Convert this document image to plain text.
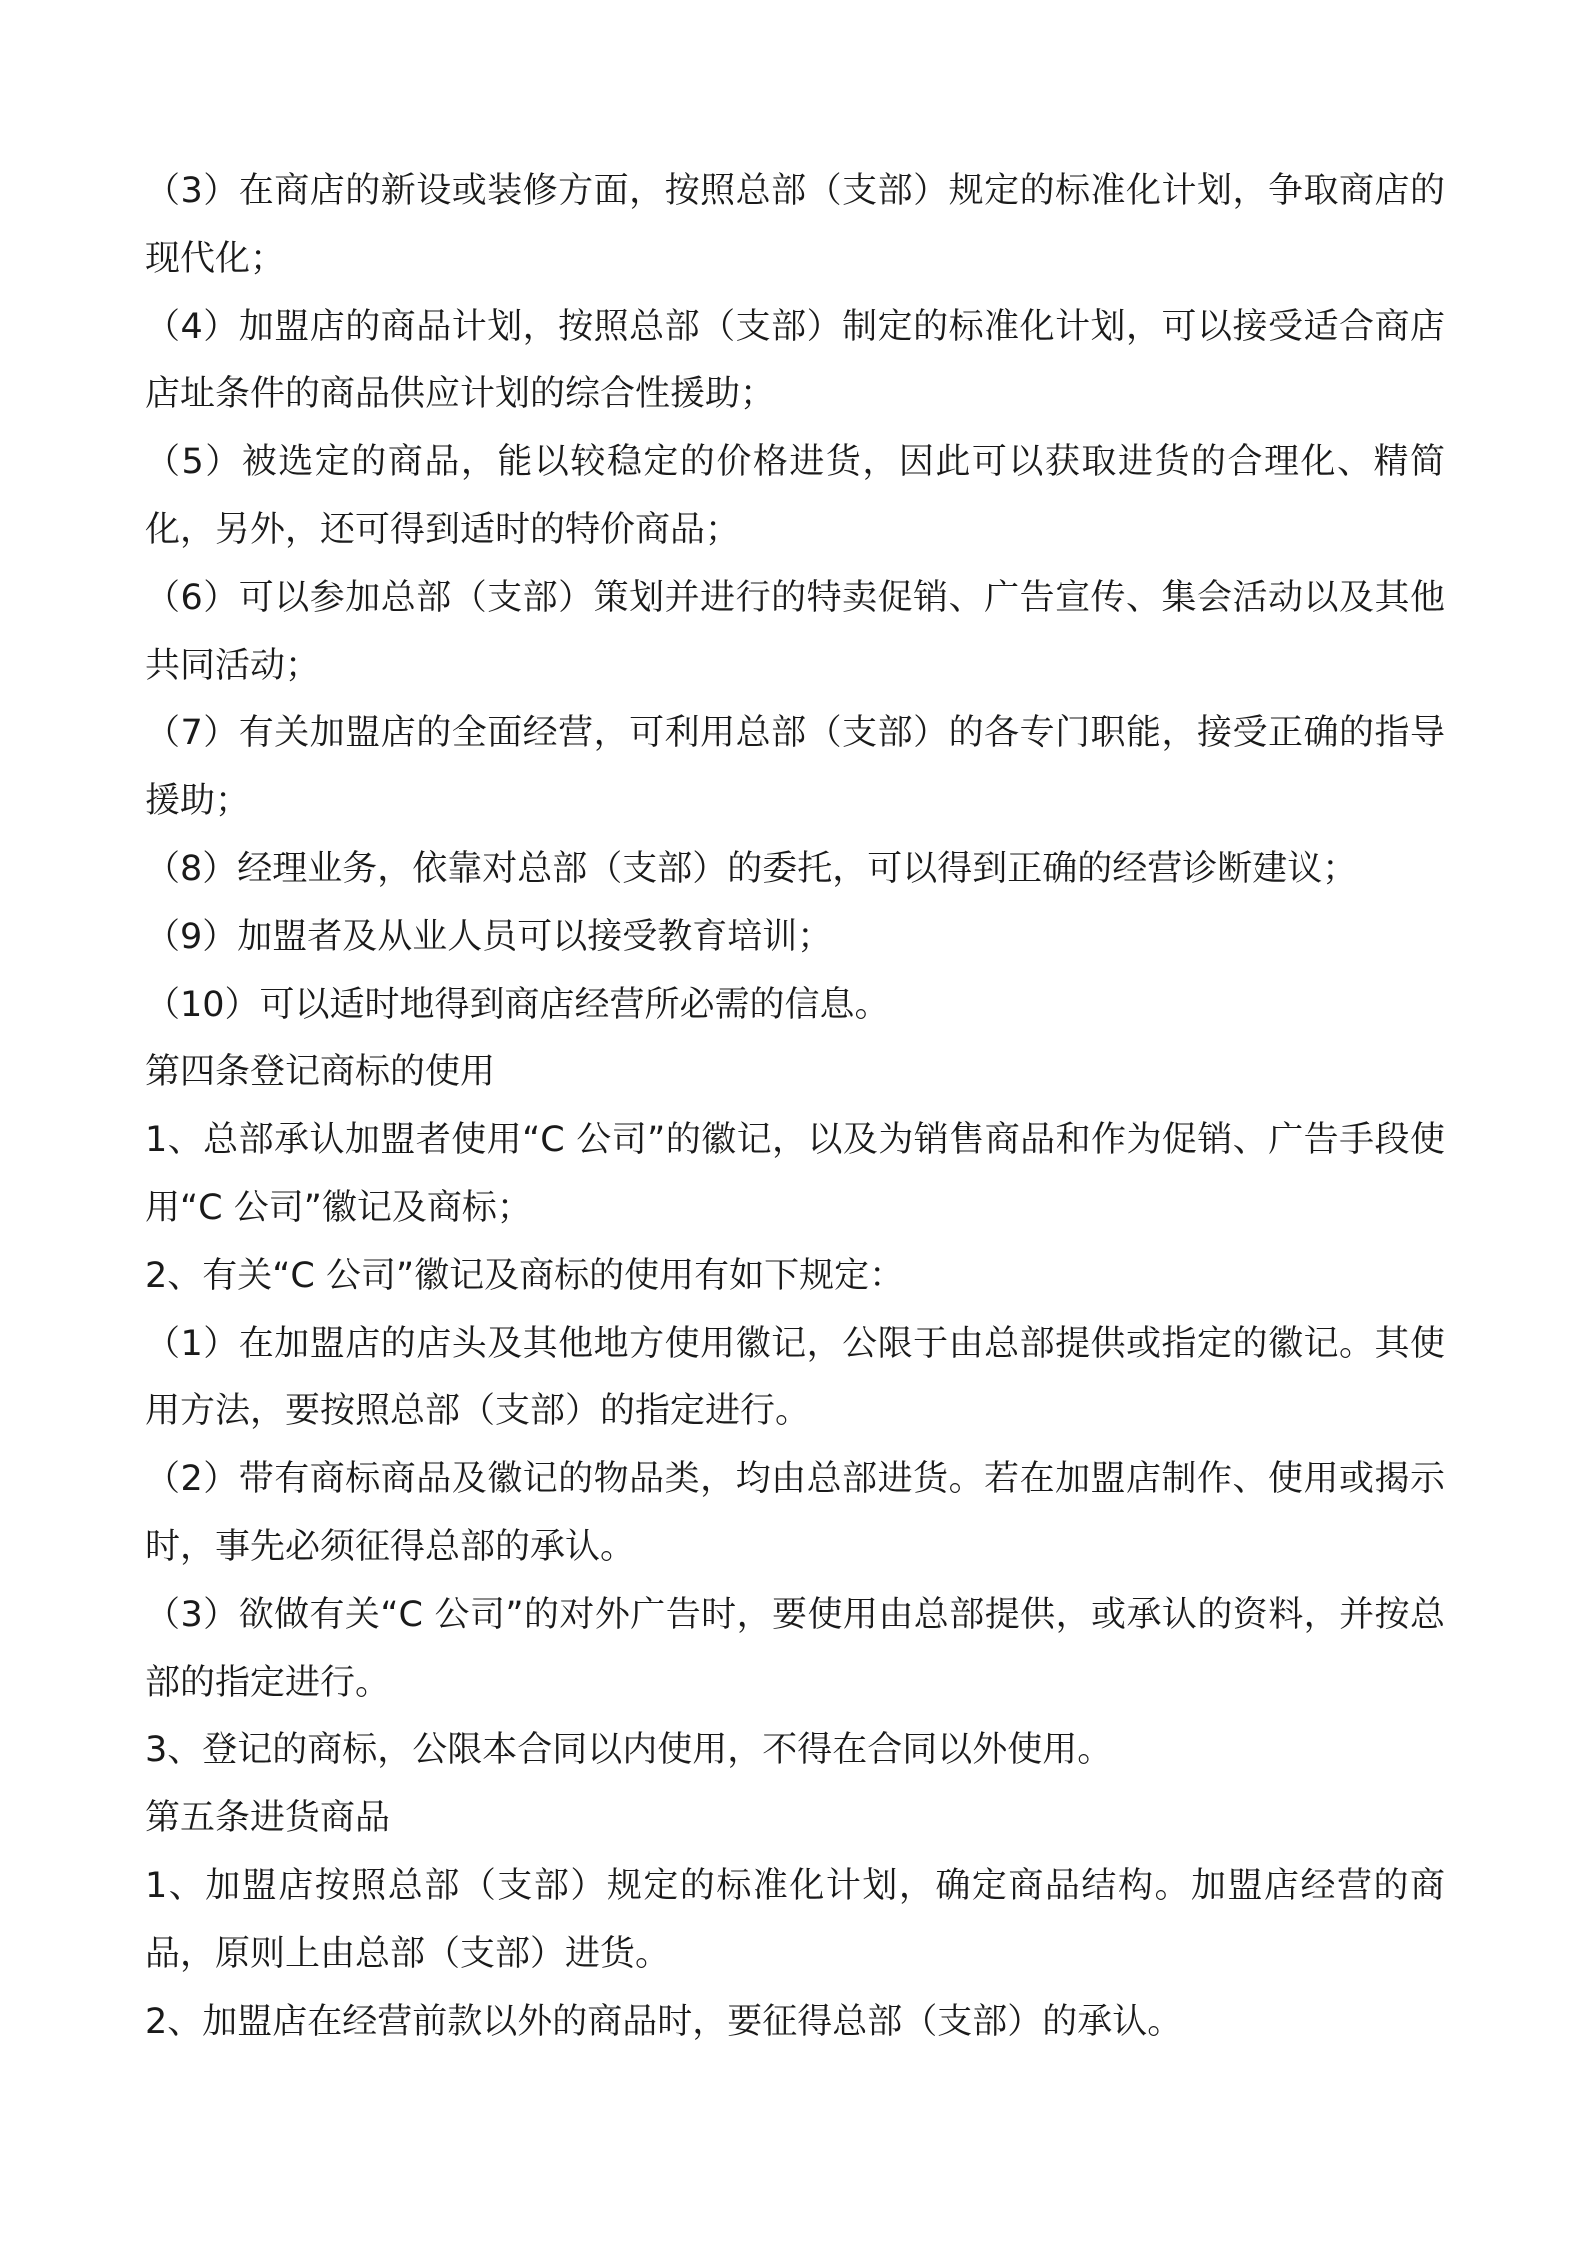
（3）在商店的新设或装修方面，按照总部（支部）规定的标准化计划，争取商店的现代化；

（4）加盟店的商品计划，按照总部（支部）制定的标准化计划，可以接受适合商店店址条件的商品供应计划的综合性援助；

（5）被选定的商品，能以较稳定的价格进货，因此可以获取进货的合理化、精简化，另外，还可得到适时的特价商品；

（6）可以参加总部（支部）策划并进行的特卖促销、广告宣传、集会活动以及其他共同活动；

（7）有关加盟店的全面经营，可利用总部（支部）的各专门职能，接受正确的指导援助；

（8）经理业务，依靠对总部（支部）的委托，可以得到正确的经营诊断建议；

（9）加盟者及从业人员可以接受教育培训；

（10）可以适时地得到商店经营所必需的信息。

第四条登记商标的使用

1、总部承认加盟者使用“C 公司”的徽记，以及为销售商品和作为促销、广告手段使用“C 公司”徽记及商标；

2、有关“C 公司”徽记及商标的使用有如下规定：

（1）在加盟店的店头及其他地方使用徽记，公限于由总部提供或指定的徽记。其使用方法，要按照总部（支部）的指定进行。

（2）带有商标商品及徽记的物品类，均由总部进货。若在加盟店制作、使用或揭示时，事先必须征得总部的承认。

（3）欲做有关“C 公司”的对外广告时，要使用由总部提供，或承认的资料，并按总部的指定进行。

3、登记的商标，公限本合同以内使用，不得在合同以外使用。

第五条进货商品

1、加盟店按照总部（支部）规定的标准化计划，确定商品结构。加盟店经营的商品，原则上由总部（支部）进货。

2、加盟店在经营前款以外的商品时，要征得总部（支部）的承认。
